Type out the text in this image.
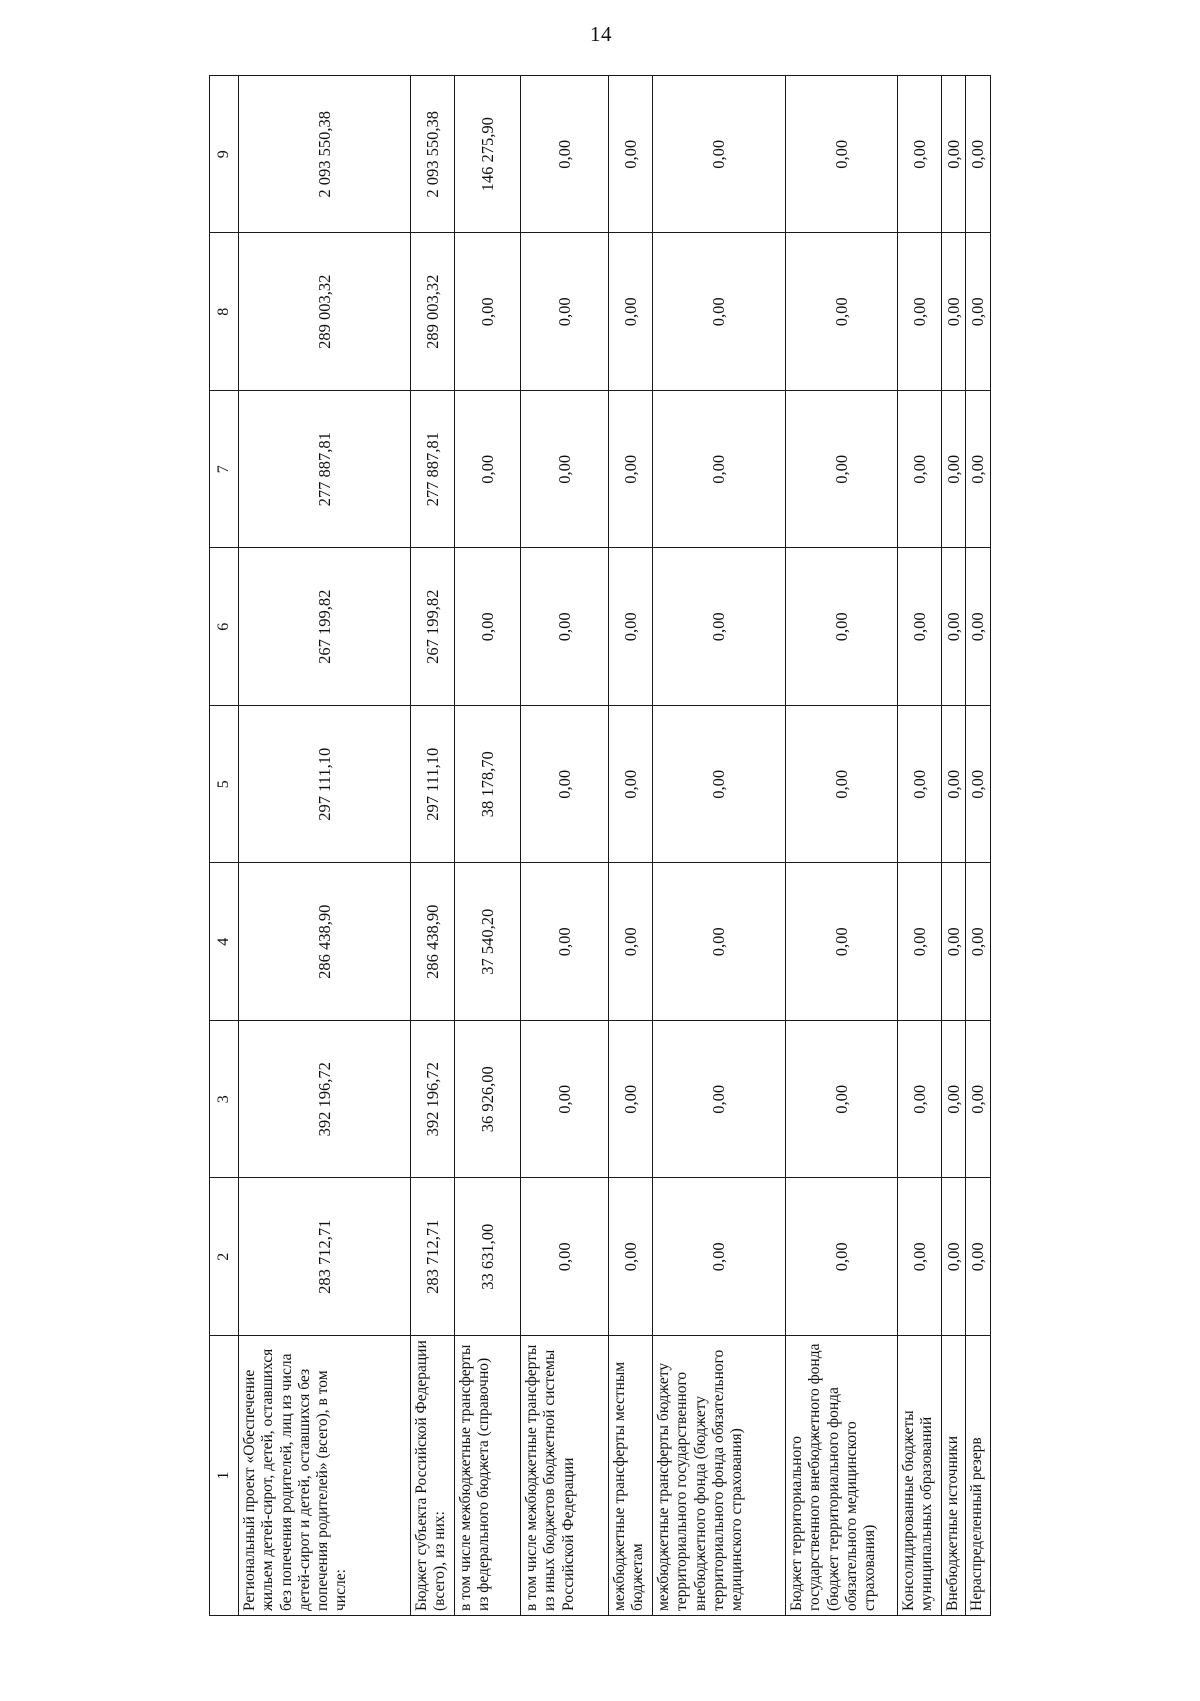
14
1	2	3	4	5	6	7	8	9
Региональный проект «Обеспечение жильем детей-сирот, детей, оставшихся без попечения родителей, лиц из числа детей-сирот и детей, оставшихся без попечения родителей» (всего), в том числе:	283 712,71	392 196,72	286 438,90	297 111,10	267 199,82	277 887,81	289 003,32	2 093 550,38
Бюджет субъекта Российской Федерации (всего), из них:	283 712,71	392 196,72	286 438,90	297 111,10	267 199,82	277 887,81	289 003,32	2 093 550,38
в том числе межбюджетные трансферты из федерального бюджета (справочно)	33 631,00	36 926,00	37 540,20	38 178,70	0,00	0,00	0,00	146 275,90
в том числе межбюджетные трансферты из иных бюджетов бюджетной системы Российской Федерации	0,00	0,00	0,00	0,00	0,00	0,00	0,00	0,00
межбюджетные трансферты местным бюджетам	0,00	0,00	0,00	0,00	0,00	0,00	0,00	0,00
межбюджетные трансферты бюджету территориального государственного внебюджетного фонда (бюджету территориального фонда обязательного медицинского страхования)	0,00	0,00	0,00	0,00	0,00	0,00	0,00	0,00
Бюджет территориального государственного внебюджетного фонда (бюджет территориального фонда обязательного медицинского страхования)	0,00	0,00	0,00	0,00	0,00	0,00	0,00	0,00
Консолидированные бюджеты муниципальных образований	0,00	0,00	0,00	0,00	0,00	0,00	0,00	0,00
Внебюджетные источники	0,00	0,00	0,00	0,00	0,00	0,00	0,00	0,00
Нераспределенный резерв	0,00	0,00	0,00	0,00	0,00	0,00	0,00	0,00
